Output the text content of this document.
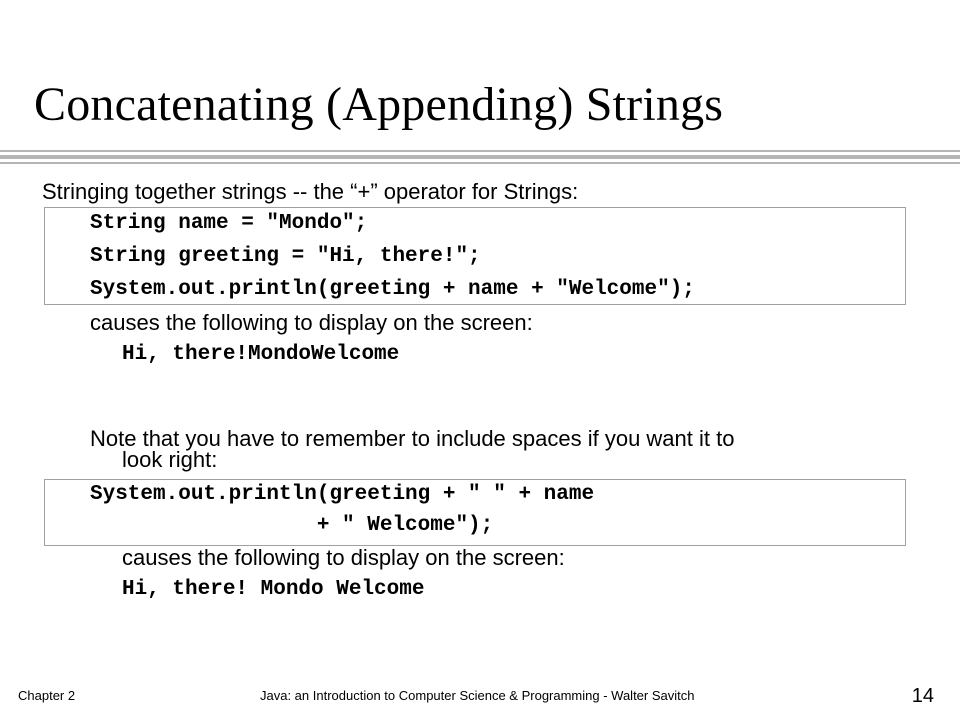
Concatenating (Appending) Strings
Stringing together strings -- the “+” operator for Strings:
String name = "Mondo";
String greeting = "Hi, there!";
System.out.println(greeting + name + "Welcome");
causes the following to display on the screen:
Hi, there!MondoWelcome
Note that you have to remember to include spaces if you want it to
look right:
System.out.println(greeting + " " + name
+ " Welcome");
causes the following to display on the screen:
Hi, there! Mondo Welcome
Chapter 2	Java: an Introduction to Computer Science & Programming - Walter Savitch	14
